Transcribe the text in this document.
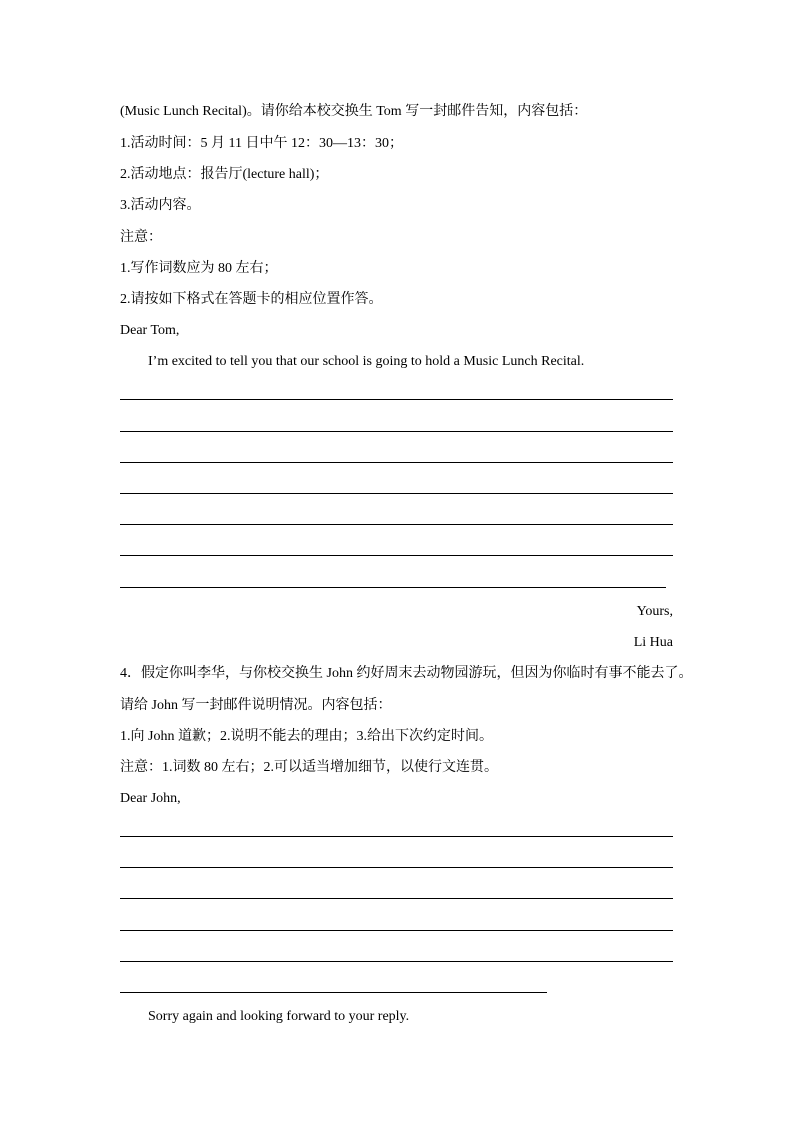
(Music Lunch Recital)。请你给本校交换生 Tom 写一封邮件告知，内容包括：
1.活动时间：5 月 11 日中午 12：30—13：30；
2.活动地点：报告厅(lecture hall)；
3.活动内容。
注意：
1.写作词数应为 80 左右；
2.请按如下格式在答题卡的相应位置作答。
Dear Tom,
I’m excited to tell you that our school is going to hold a Music Lunch Recital.
Yours,
Li Hua
4．假定你叫李华，与你校交换生 John 约好周末去动物园游玩，但因为你临时有事不能去了。
请给 John 写一封邮件说明情况。内容包括：
1.向 John 道歉；2.说明不能去的理由；3.给出下次约定时间。
注意：1.词数 80 左右；2.可以适当增加细节，以使行文连贯。
Dear John,
Sorry again and looking forward to your reply.
